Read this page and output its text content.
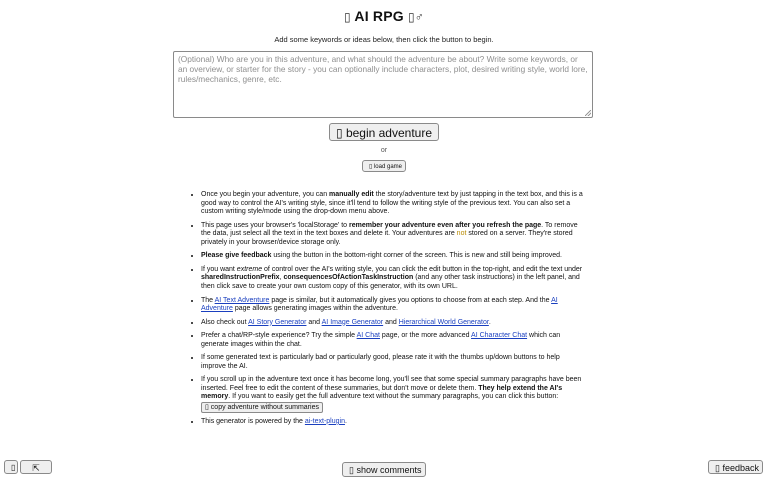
▯ AI RPG ▯♂
Add some keywords or ideas below, then click the button to begin.
(Optional) Who are you in this adventure, and what should the adventure be about? Write some keywords, or an overview, or starter for the story - you can optionally include characters, plot, desired writing style, world lore, rules/mechanics, genre, etc.
▯ begin adventure
or
▯ load game
• Once you begin your adventure, you can manually edit the story/adventure text by just tapping in the text box, and this is a good way to control the AI's writing style, since it'll tend to follow the writing style of the previous text. You can also set a custom writing style/mode using the drop-down menu above.
• This page uses your browser's 'localStorage' to remember your adventure even after you refresh the page. To remove the data, just select all the text in the text boxes and delete it. Your adventures are not stored on a server. They're stored privately in your browser/device storage only.
• Please give feedback using the button in the bottom-right corner of the screen. This is new and still being improved.
• If you want extreme of control over the AI's writing style, you can click the edit button in the top-right, and edit the text under sharedInstructionPrefix, consequencesOfActionTaskInstruction (and any other task instructions) in the left panel, and then click save to create your own custom copy of this generator, with its own URL.
• The AI Text Adventure page is similar, but it automatically gives you options to choose from at each step. And the AI Adventure page allows generating images within the adventure.
• Also check out AI Story Generator and AI Image Generator and Hierarchical World Generator.
• Prefer a chat/RP-style experience? Try the simple AI Chat page, or the more advanced AI Character Chat which can generate images within the chat.
• If some generated text is particularly bad or particularly good, please rate it with the thumbs up/down buttons to help improve the AI.
• If you scroll up in the adventure text once it has become long, you'll see that some special summary paragraphs have been inserted. Feel free to edit the content of these summaries, but don't move or delete them. They help extend the AI's memory. If you want to easily get the full adventure text without the summary paragraphs, you can click this button: ▯ copy adventure without summaries
• This generator is powered by the ai-text-plugin.
▯ show comments
▯	⇱	▯ feedback
